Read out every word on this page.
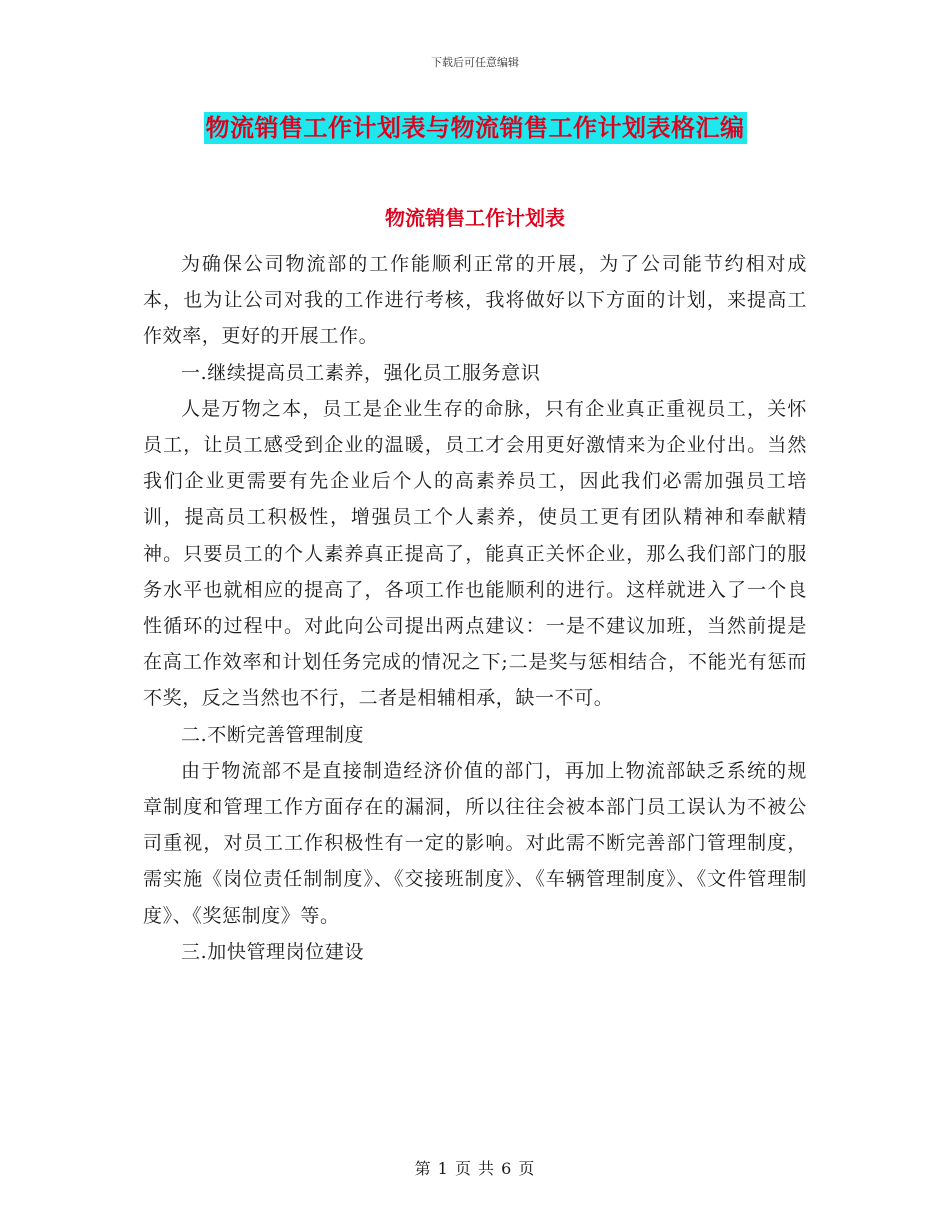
下载后可任意编辑
物流销售工作计划表与物流销售工作计划表格汇编
物流销售工作计划表

为确保公司物流部的工作能顺利正常的开展，为了公司能节约相对成本，也为让公司对我的工作进行考核，我将做好以下方面的计划，来提高工作效率，更好的开展工作。

一.继续提高员工素养，强化员工服务意识

人是万物之本，员工是企业生存的命脉，只有企业真正重视员工，关怀员工，让员工感受到企业的温暖，员工才会用更好激情来为企业付出。当然我们企业更需要有先企业后个人的高素养员工，因此我们必需加强员工培训，提高员工积极性，增强员工个人素养，使员工更有团队精神和奉献精神。只要员工的个人素养真正提高了，能真正关怀企业，那么我们部门的服务水平也就相应的提高了，各项工作也能顺利的进行。这样就进入了一个良性循环的过程中。对此向公司提出两点建议：一是不建议加班，当然前提是在高工作效率和计划任务完成的情况之下;二是奖与惩相结合，不能光有惩而不奖，反之当然也不行，二者是相辅相承，缺一不可。

二.不断完善管理制度

由于物流部不是直接制造经济价值的部门，再加上物流部缺乏系统的规章制度和管理工作方面存在的漏洞，所以往往会被本部门员工误认为不被公司重视，对员工工作积极性有一定的影响。对此需不断完善部门管理制度，需实施《岗位责任制制度》、《交接班制度》、《车辆管理制度》、《文件管理制度》、《奖惩制度》等。

三.加快管理岗位建设

第 1 页 共 6 页
